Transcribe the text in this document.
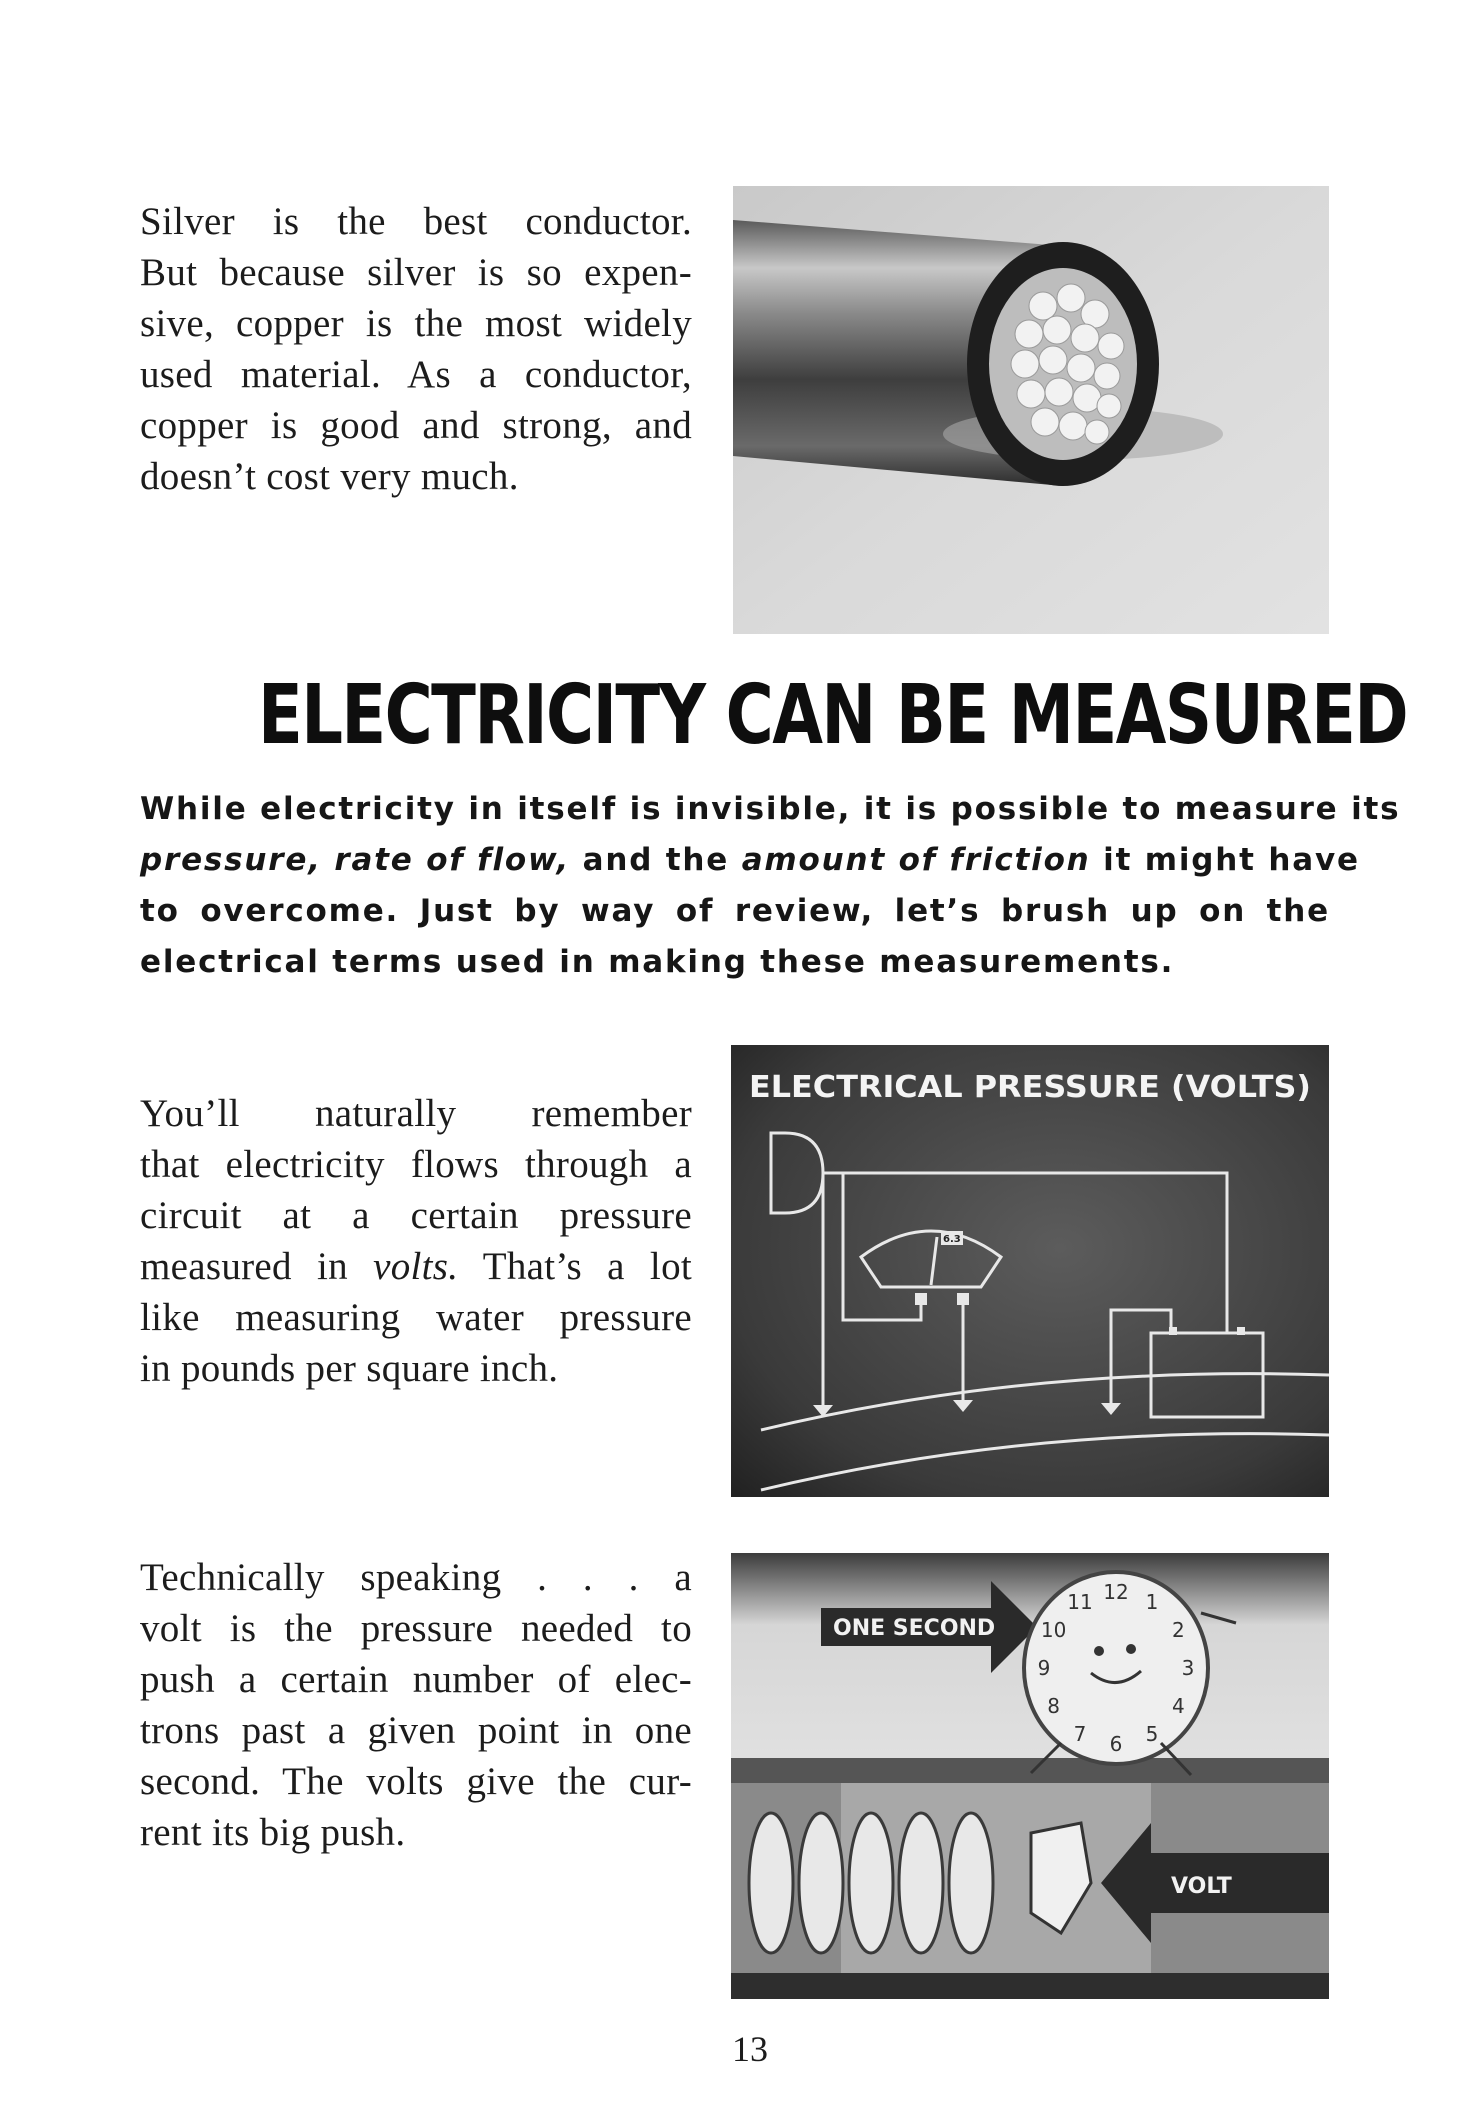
Silver is the best conductor.
But because silver is so expen-
sive, copper is the most widely
used material. As a conductor,
copper is good and strong, and
doesn’t cost very much.

ELECTRICITY CAN BE MEASURED

While electricity in itself is invisible, it is possible to measure its
pressure, rate of flow, and the amount of friction it might have
to overcome. Just by way of review, let’s brush up on the
electrical terms used in making these measurements.

You’ll naturally remember
that electricity flows through a
circuit at a certain pressure
measured in volts. That’s a lot
like measuring water pressure
in pounds per square inch.

ELECTRICAL PRESSURE (VOLTS)
6.3

Technically speaking . . . a
volt is the pressure needed to
push a certain number of elec-
trons past a given point in one
second. The volts give the cur-
rent its big push.

ONE SECOND
12 1
2
3
4
5
6
7
8
9
10
11
VOLT
13
